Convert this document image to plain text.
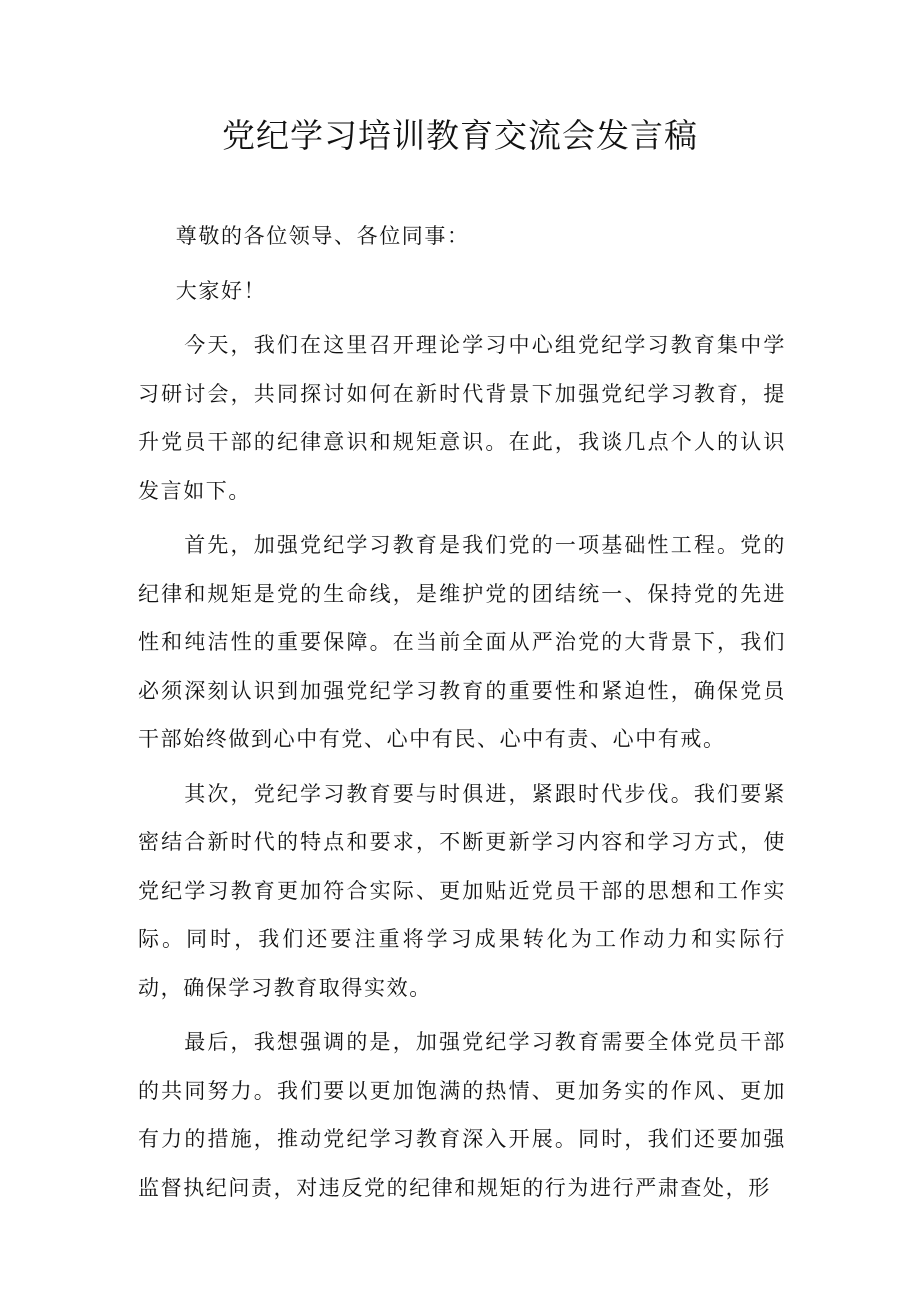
党纪学习培训教育交流会发言稿

尊敬的各位领导、各位同事：

大家好！

今天，我们在这里召开理论学习中心组党纪学习教育集中学习研讨会，共同探讨如何在新时代背景下加强党纪学习教育，提升党员干部的纪律意识和规矩意识。在此，我谈几点个人的认识发言如下。

首先，加强党纪学习教育是我们党的一项基础性工程。党的纪律和规矩是党的生命线，是维护党的团结统一、保持党的先进性和纯洁性的重要保障。在当前全面从严治党的大背景下，我们必须深刻认识到加强党纪学习教育的重要性和紧迫性，确保党员干部始终做到心中有党、心中有民、心中有责、心中有戒。

其次，党纪学习教育要与时俱进，紧跟时代步伐。我们要紧密结合新时代的特点和要求，不断更新学习内容和学习方式，使党纪学习教育更加符合实际、更加贴近党员干部的思想和工作实际。同时，我们还要注重将学习成果转化为工作动力和实际行动，确保学习教育取得实效。

最后，我想强调的是，加强党纪学习教育需要全体党员干部的共同努力。我们要以更加饱满的热情、更加务实的作风、更加有力的措施，推动党纪学习教育深入开展。同时，我们还要加强监督执纪问责，对违反党的纪律和规矩的行为进行严肃查处，形
